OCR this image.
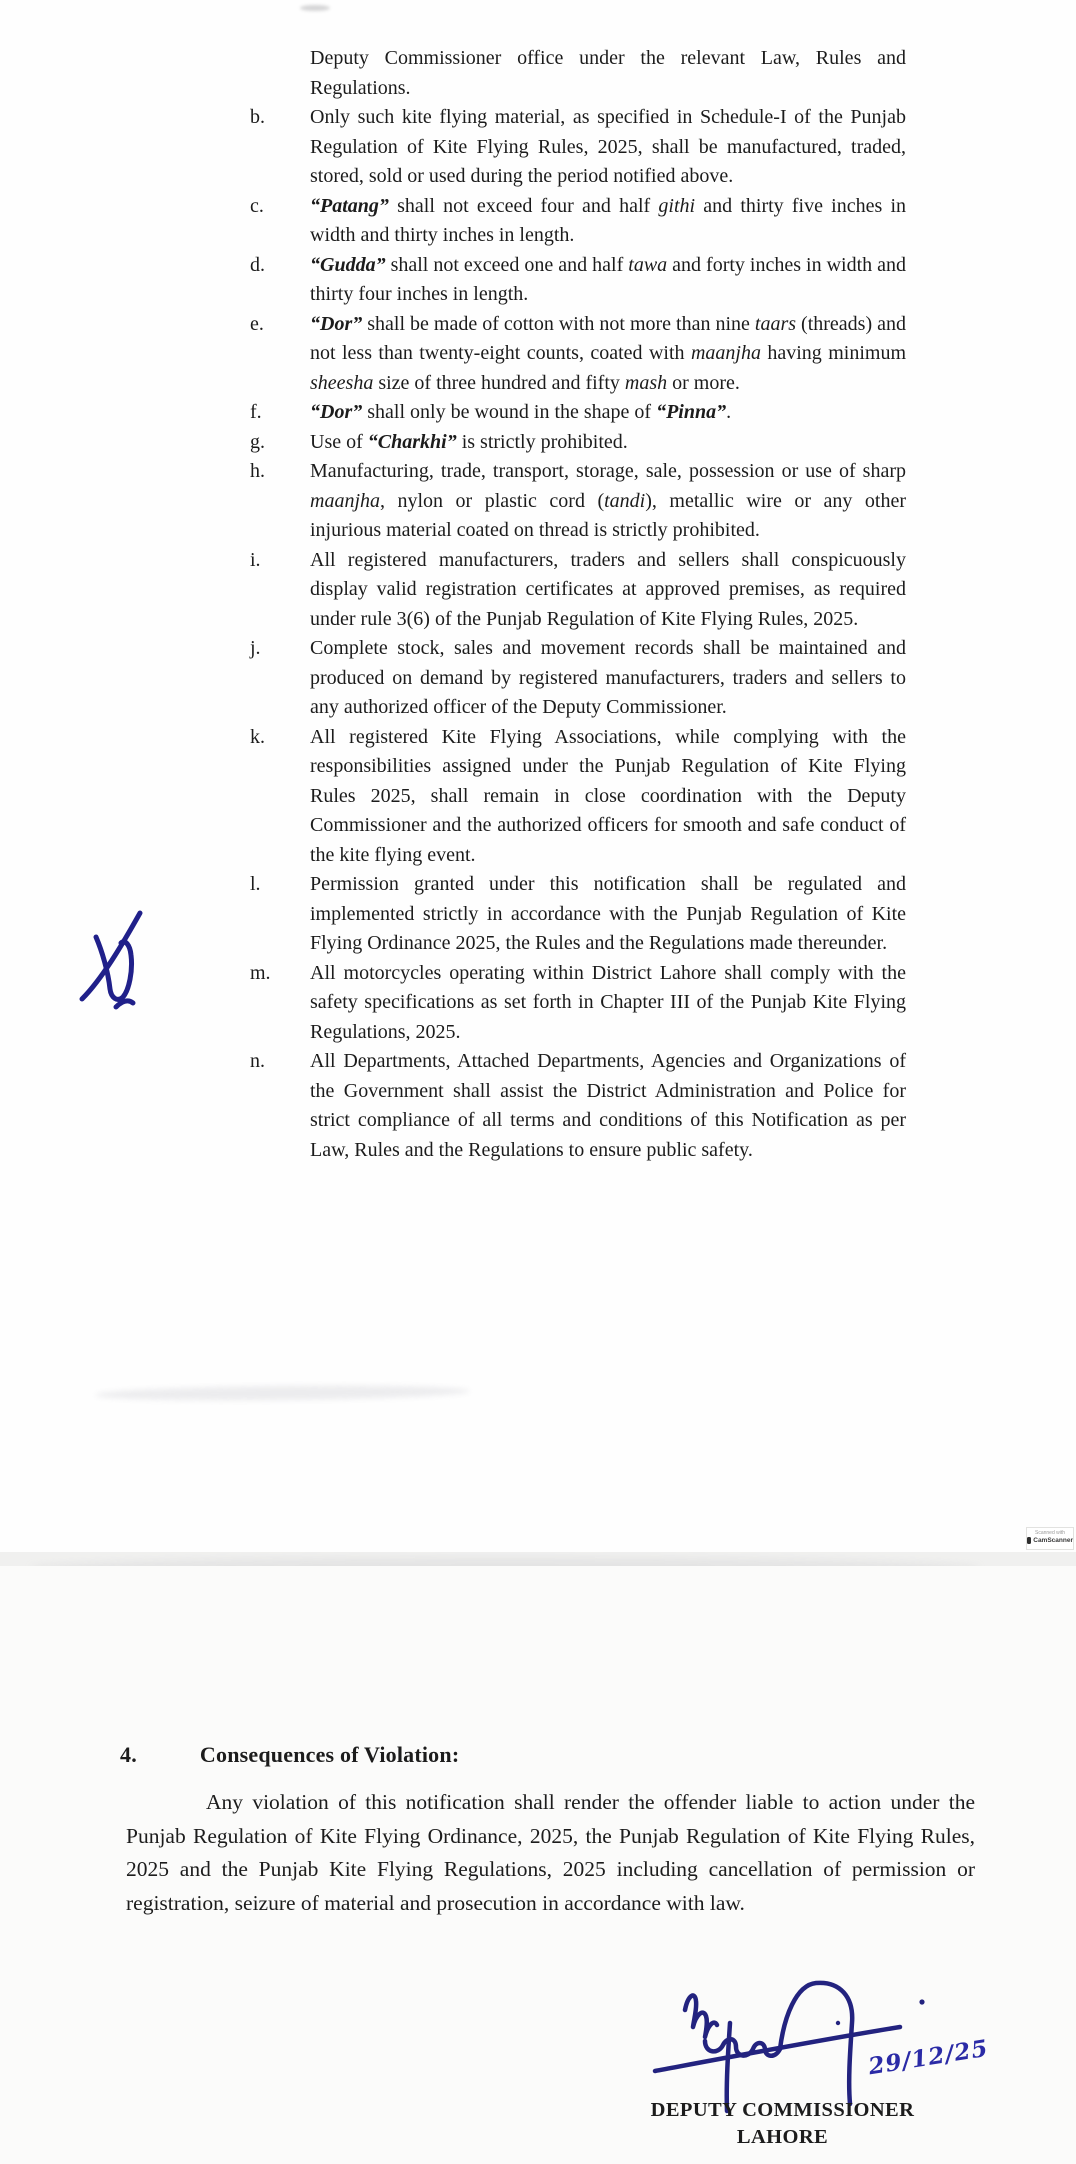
Deputy Commissioner office under the relevant Law, Rules and Regulations.
b.	Only such kite flying material, as specified in Schedule-I of the Punjab Regulation of Kite Flying Rules, 2025, shall be manufactured, traded, stored, sold or used during the period notified above.
c.	“Patang” shall not exceed four and half githi and thirty five inches in width and thirty inches in length.
d.	“Gudda” shall not exceed one and half tawa and forty inches in width and thirty four inches in length.
e.	“Dor” shall be made of cotton with not more than nine taars (threads) and not less than twenty-eight counts, coated with maanjha having minimum sheesha size of three hundred and fifty mash or more.
f.	“Dor” shall only be wound in the shape of “Pinna”.
g.	Use of “Charkhi” is strictly prohibited.
h.	Manufacturing, trade, transport, storage, sale, possession or use of sharp maanjha, nylon or plastic cord (tandi), metallic wire or any other injurious material coated on thread is strictly prohibited.
i.	All registered manufacturers, traders and sellers shall conspicuously display valid registration certificates at approved premises, as required under rule 3(6) of the Punjab Regulation of Kite Flying Rules, 2025.
j.	Complete stock, sales and movement records shall be maintained and produced on demand by registered manufacturers, traders and sellers to any authorized officer of the Deputy Commissioner.
k.	All registered Kite Flying Associations, while complying with the responsibilities assigned under the Punjab Regulation of Kite Flying Rules 2025, shall remain in close coordination with the Deputy Commissioner and the authorized officers for smooth and safe conduct of the kite flying event.
l.	Permission granted under this notification shall be regulated and implemented strictly in accordance with the Punjab Regulation of Kite Flying Ordinance 2025, the Rules and the Regulations made thereunder.
m.	All motorcycles operating within District Lahore shall comply with the safety specifications as set forth in Chapter III of the Punjab Kite Flying Regulations, 2025.
n.	All Departments, Attached Departments, Agencies and Organizations of the Government shall assist the District Administration and Police for strict compliance of all terms and conditions of this Notification as per Law, Rules and the Regulations to ensure public safety.
Scanned with
CamScanner
4.	Consequences of Violation:
Any violation of this notification shall render the offender liable to action under the Punjab Regulation of Kite Flying Ordinance, 2025, the Punjab Regulation of Kite Flying Rules, 2025 and the Punjab Kite Flying Regulations, 2025 including cancellation of permission or registration, seizure of material and prosecution in accordance with law.
29/12/25
DEPUTY COMMISSIONER
LAHORE
